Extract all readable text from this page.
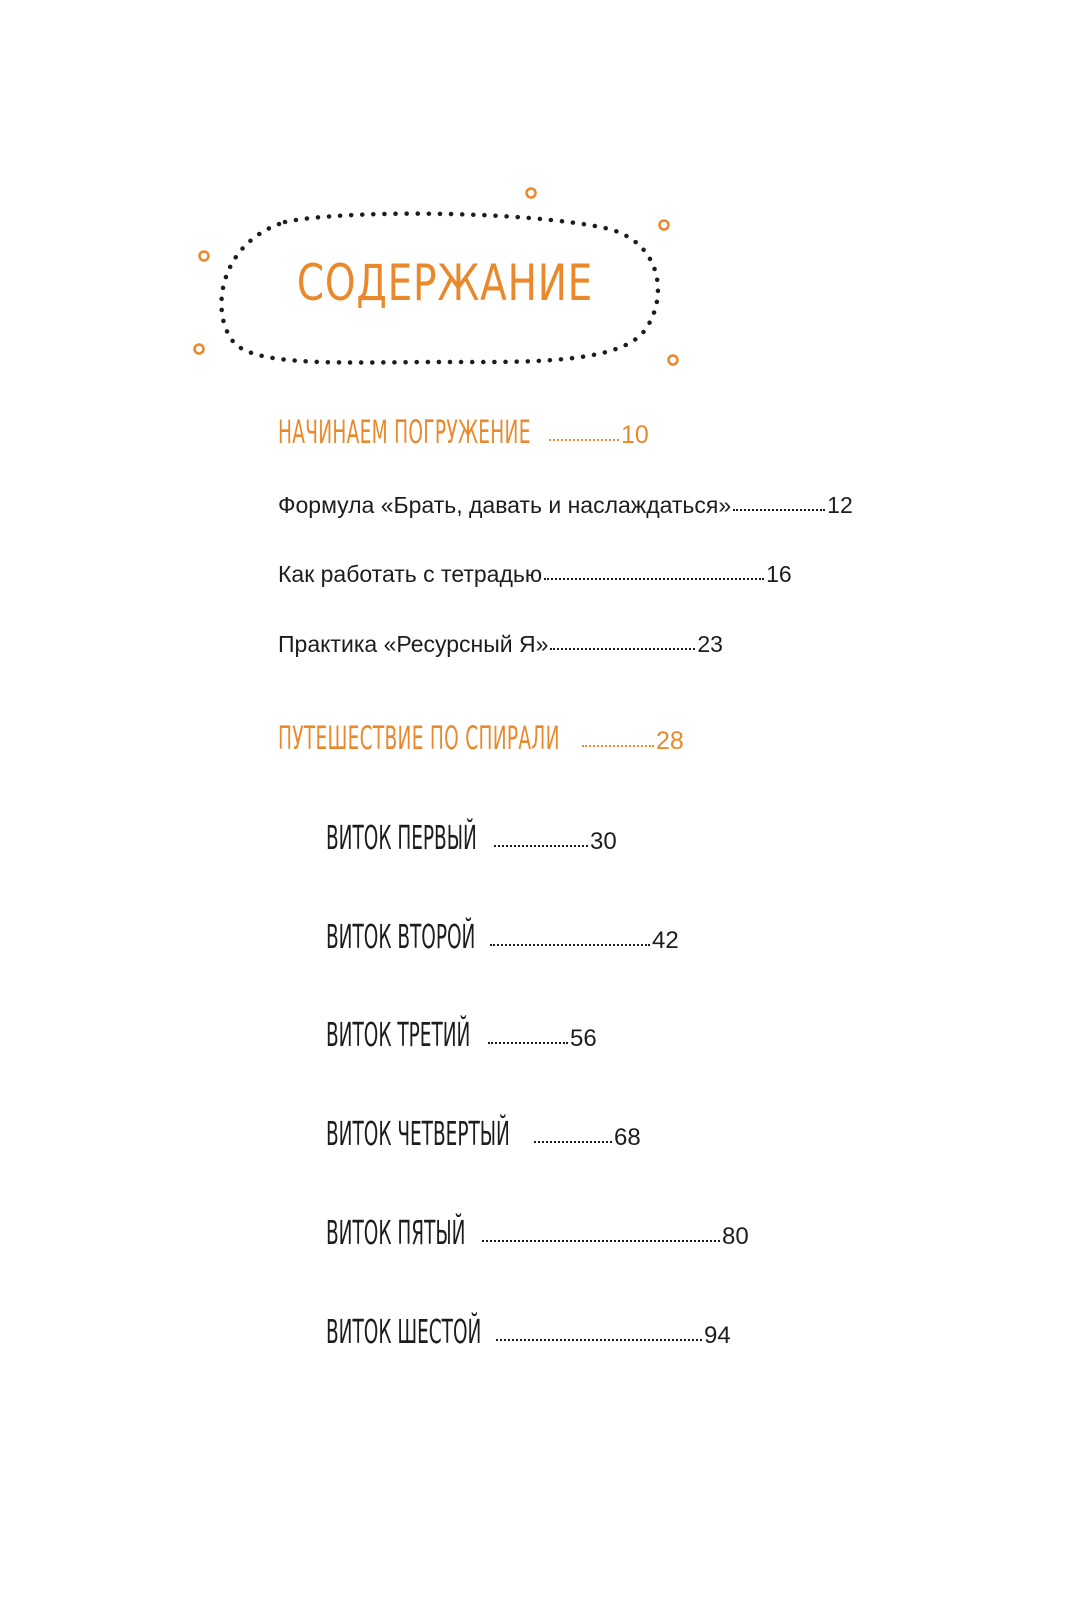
СОДЕРЖАНИЕ
НАЧИНАЕМ ПОГРУЖЕНИЕ	10
Формула «Брать, давать и наслаждаться»	12
Как работать с тетрадью	16
Практика «Ресурсный Я»	23
ПУТЕШЕСТВИЕ ПО СПИРАЛИ	28
ВИТОК ПЕРВЫЙ	30
ВИТОК ВТОРОЙ	42
ВИТОК ТРЕТИЙ	56
ВИТОК ЧЕТВЕРТЫЙ	68
ВИТОК ПЯТЫЙ	80
ВИТОК ШЕСТОЙ	94
